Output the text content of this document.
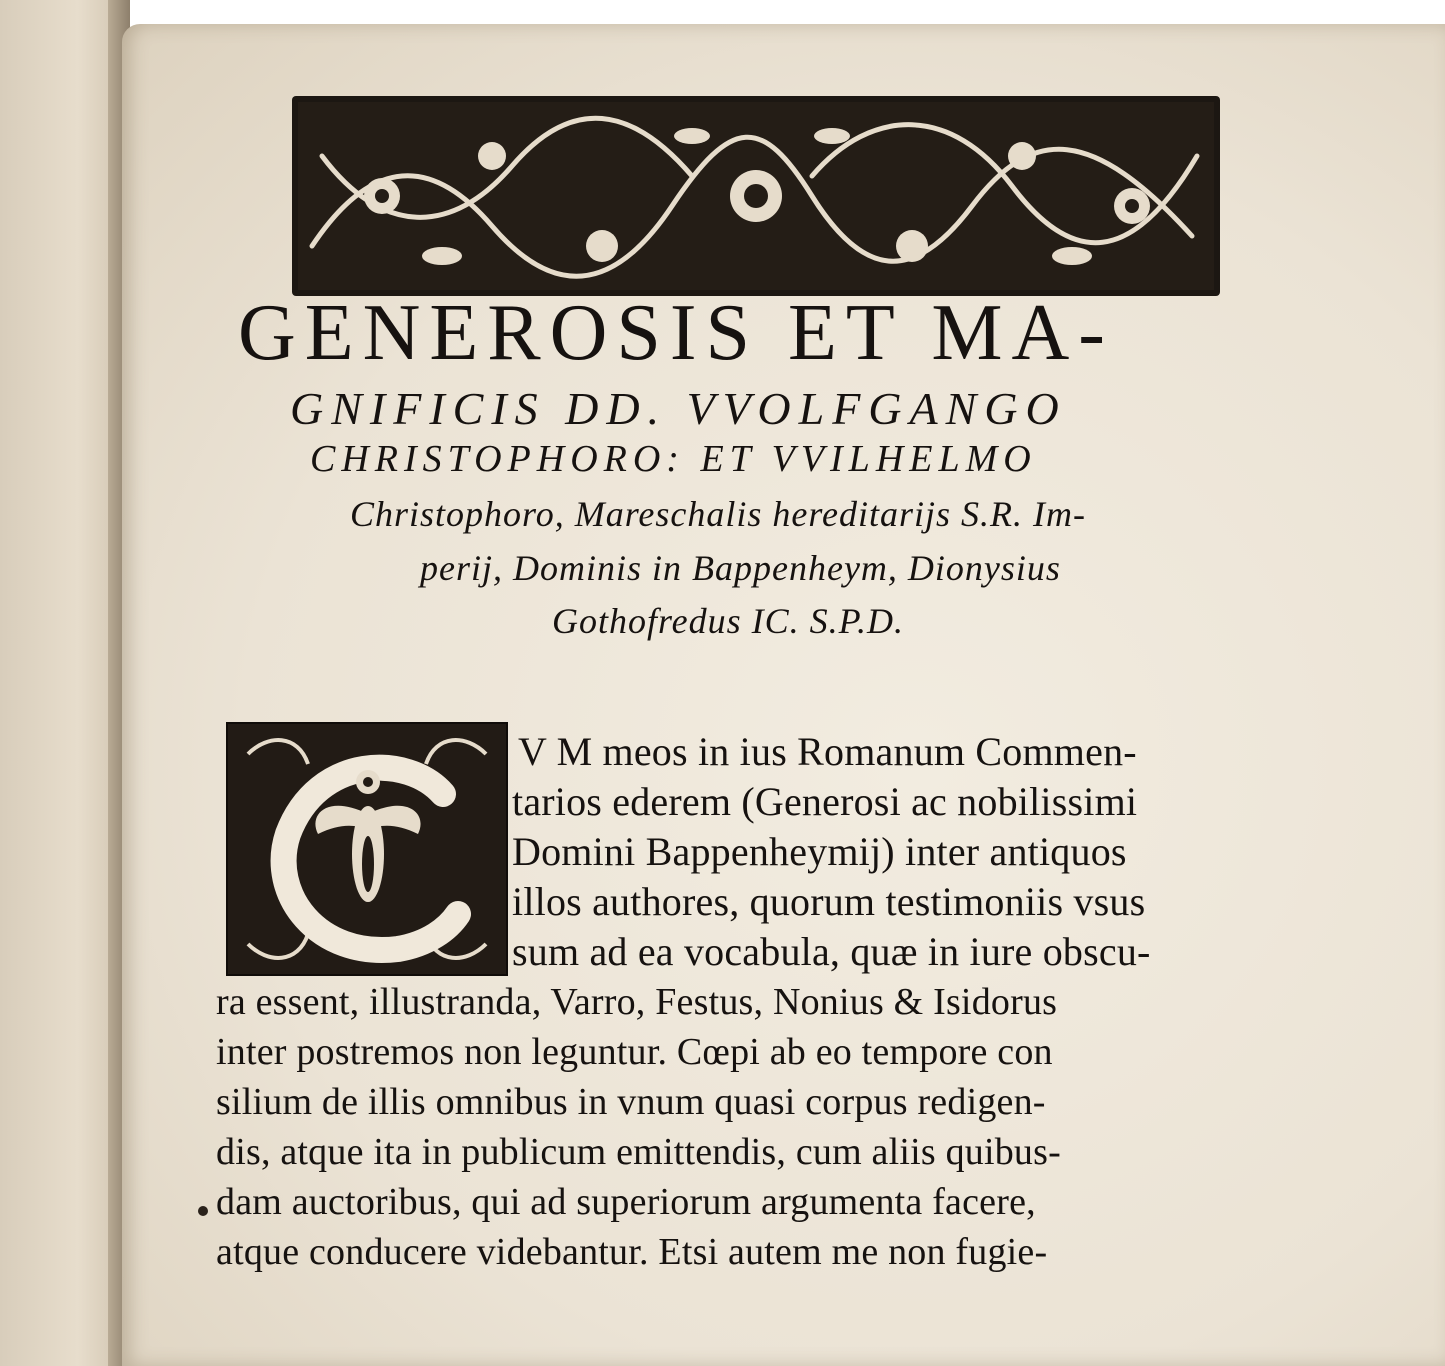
GENEROSIS ET MA-
GNIFICIS DD. VVOLFGANGO
CHRISTOPHORO: ET VVILHELMO
Christophoro, Mareschalis hereditarijs S.R. Im-
perij, Dominis in Bappenheym, Dionysius
Gothofredus IC. S.P.D.
V M meos in ius Romanum Commen-
tarios ederem (Generosi ac nobilissimi
Domini Bappenheymij) inter antiquos
illos authores, quorum testimoniis vsus
sum ad ea vocabula, quæ in iure obscu-
ra essent, illustranda, Varro, Festus, Nonius & Isidorus
inter postremos non leguntur. Cœpi ab eo tempore con
silium de illis omnibus in vnum quasi corpus redigen-
dis, atque ita in publicum emittendis, cum aliis quibus-
dam auctoribus, qui ad superiorum argumenta facere,
atque conducere videbantur. Etsi autem me non fugie-
